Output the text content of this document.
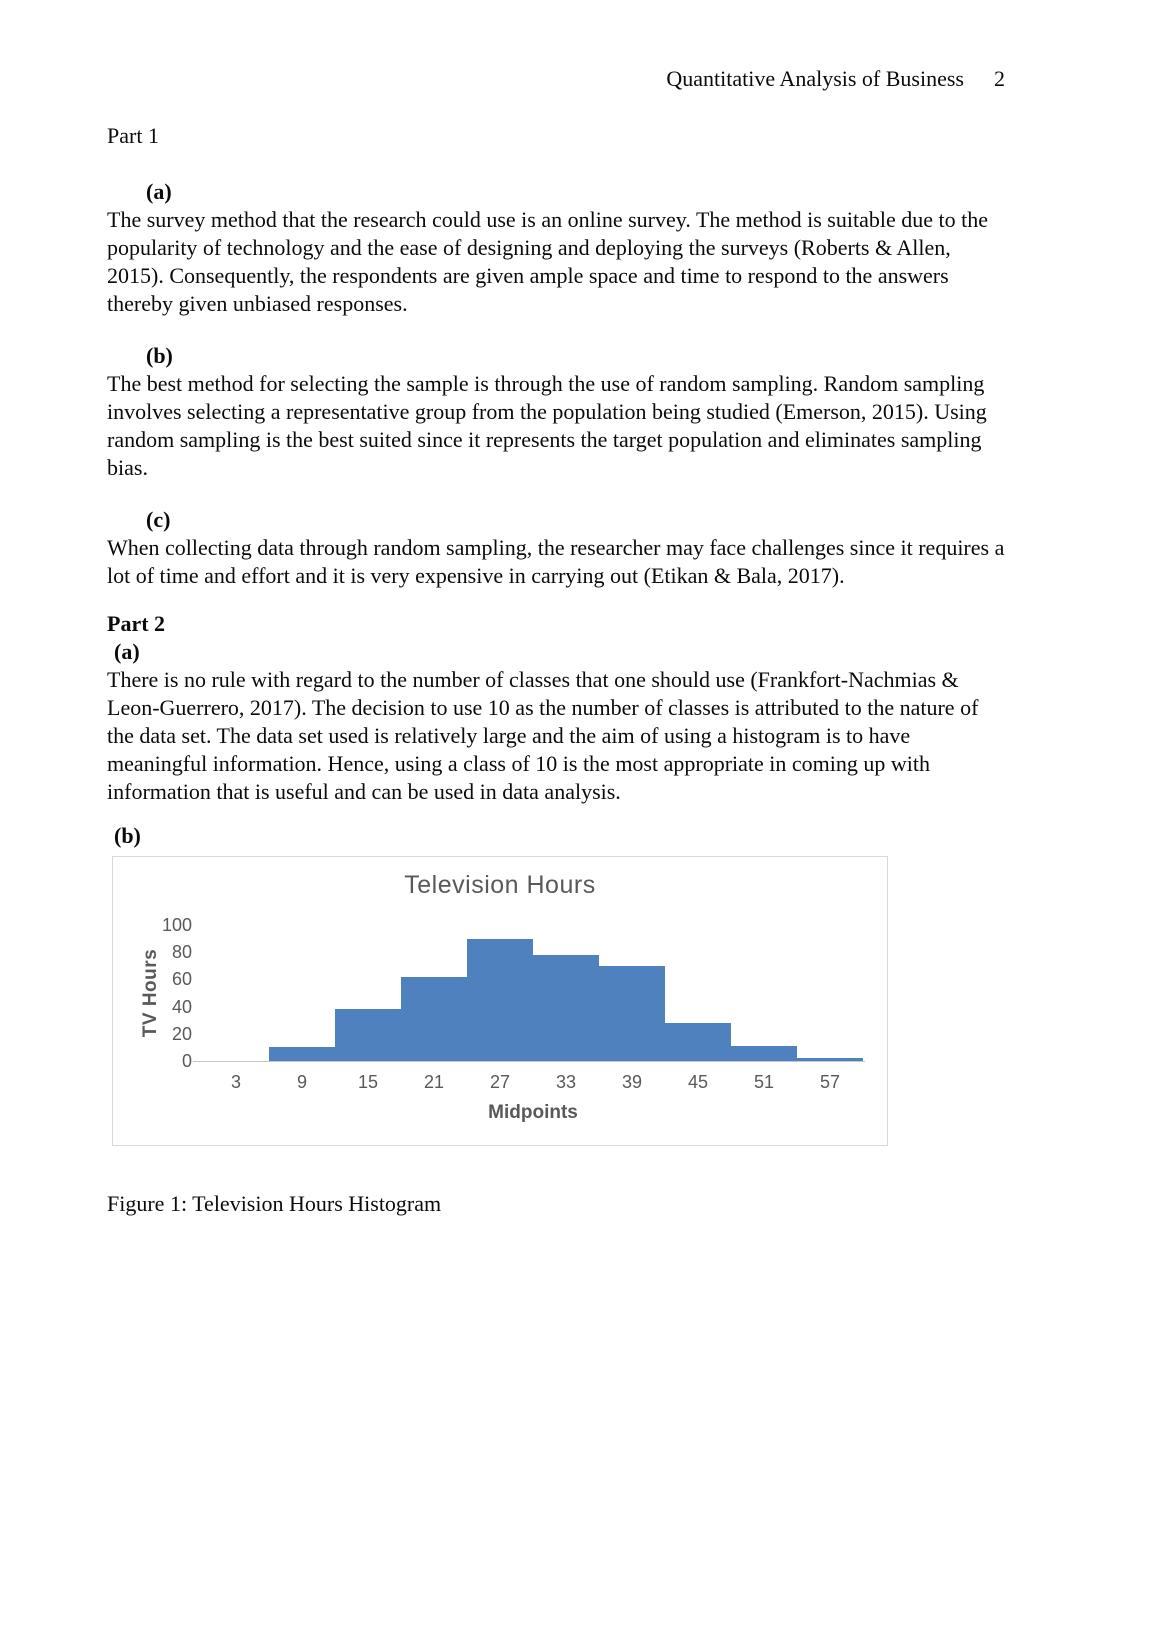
Quantitative Analysis of Business 2
Part 1
(a)

The survey method that the research could use is an online survey. The method is suitable due to the popularity of technology and the ease of designing and deploying the surveys (Roberts & Allen, 2015). Consequently, the respondents are given ample space and time to respond to the answers thereby given unbiased responses.

(b)

The best method for selecting the sample is through the use of random sampling. Random sampling involves selecting a representative group from the population being studied (Emerson, 2015). Using random sampling is the best suited since it represents the target population and eliminates sampling bias.

(c)

When collecting data through random sampling, the researcher may face challenges since it requires a lot of time and effort and it is very expensive in carrying out (Etikan & Bala, 2017).

Part 2
(a)

There is no rule with regard to the number of classes that one should use (Frankfort-Nachmias & Leon-Guerrero, 2017). The decision to use 10 as the number of classes is attributed to the nature of the data set. The data set used is relatively large and the aim of using a histogram is to have meaningful information. Hence, using a class of 10 is the most appropriate in coming up with information that is useful and can be used in data analysis.

(b)
Television Hours
TV Hours
0
20
40
60
80
100
3	9	15	21	27	33	39	45	51	57
Midpoints

Figure 1: Television Hours Histogram
